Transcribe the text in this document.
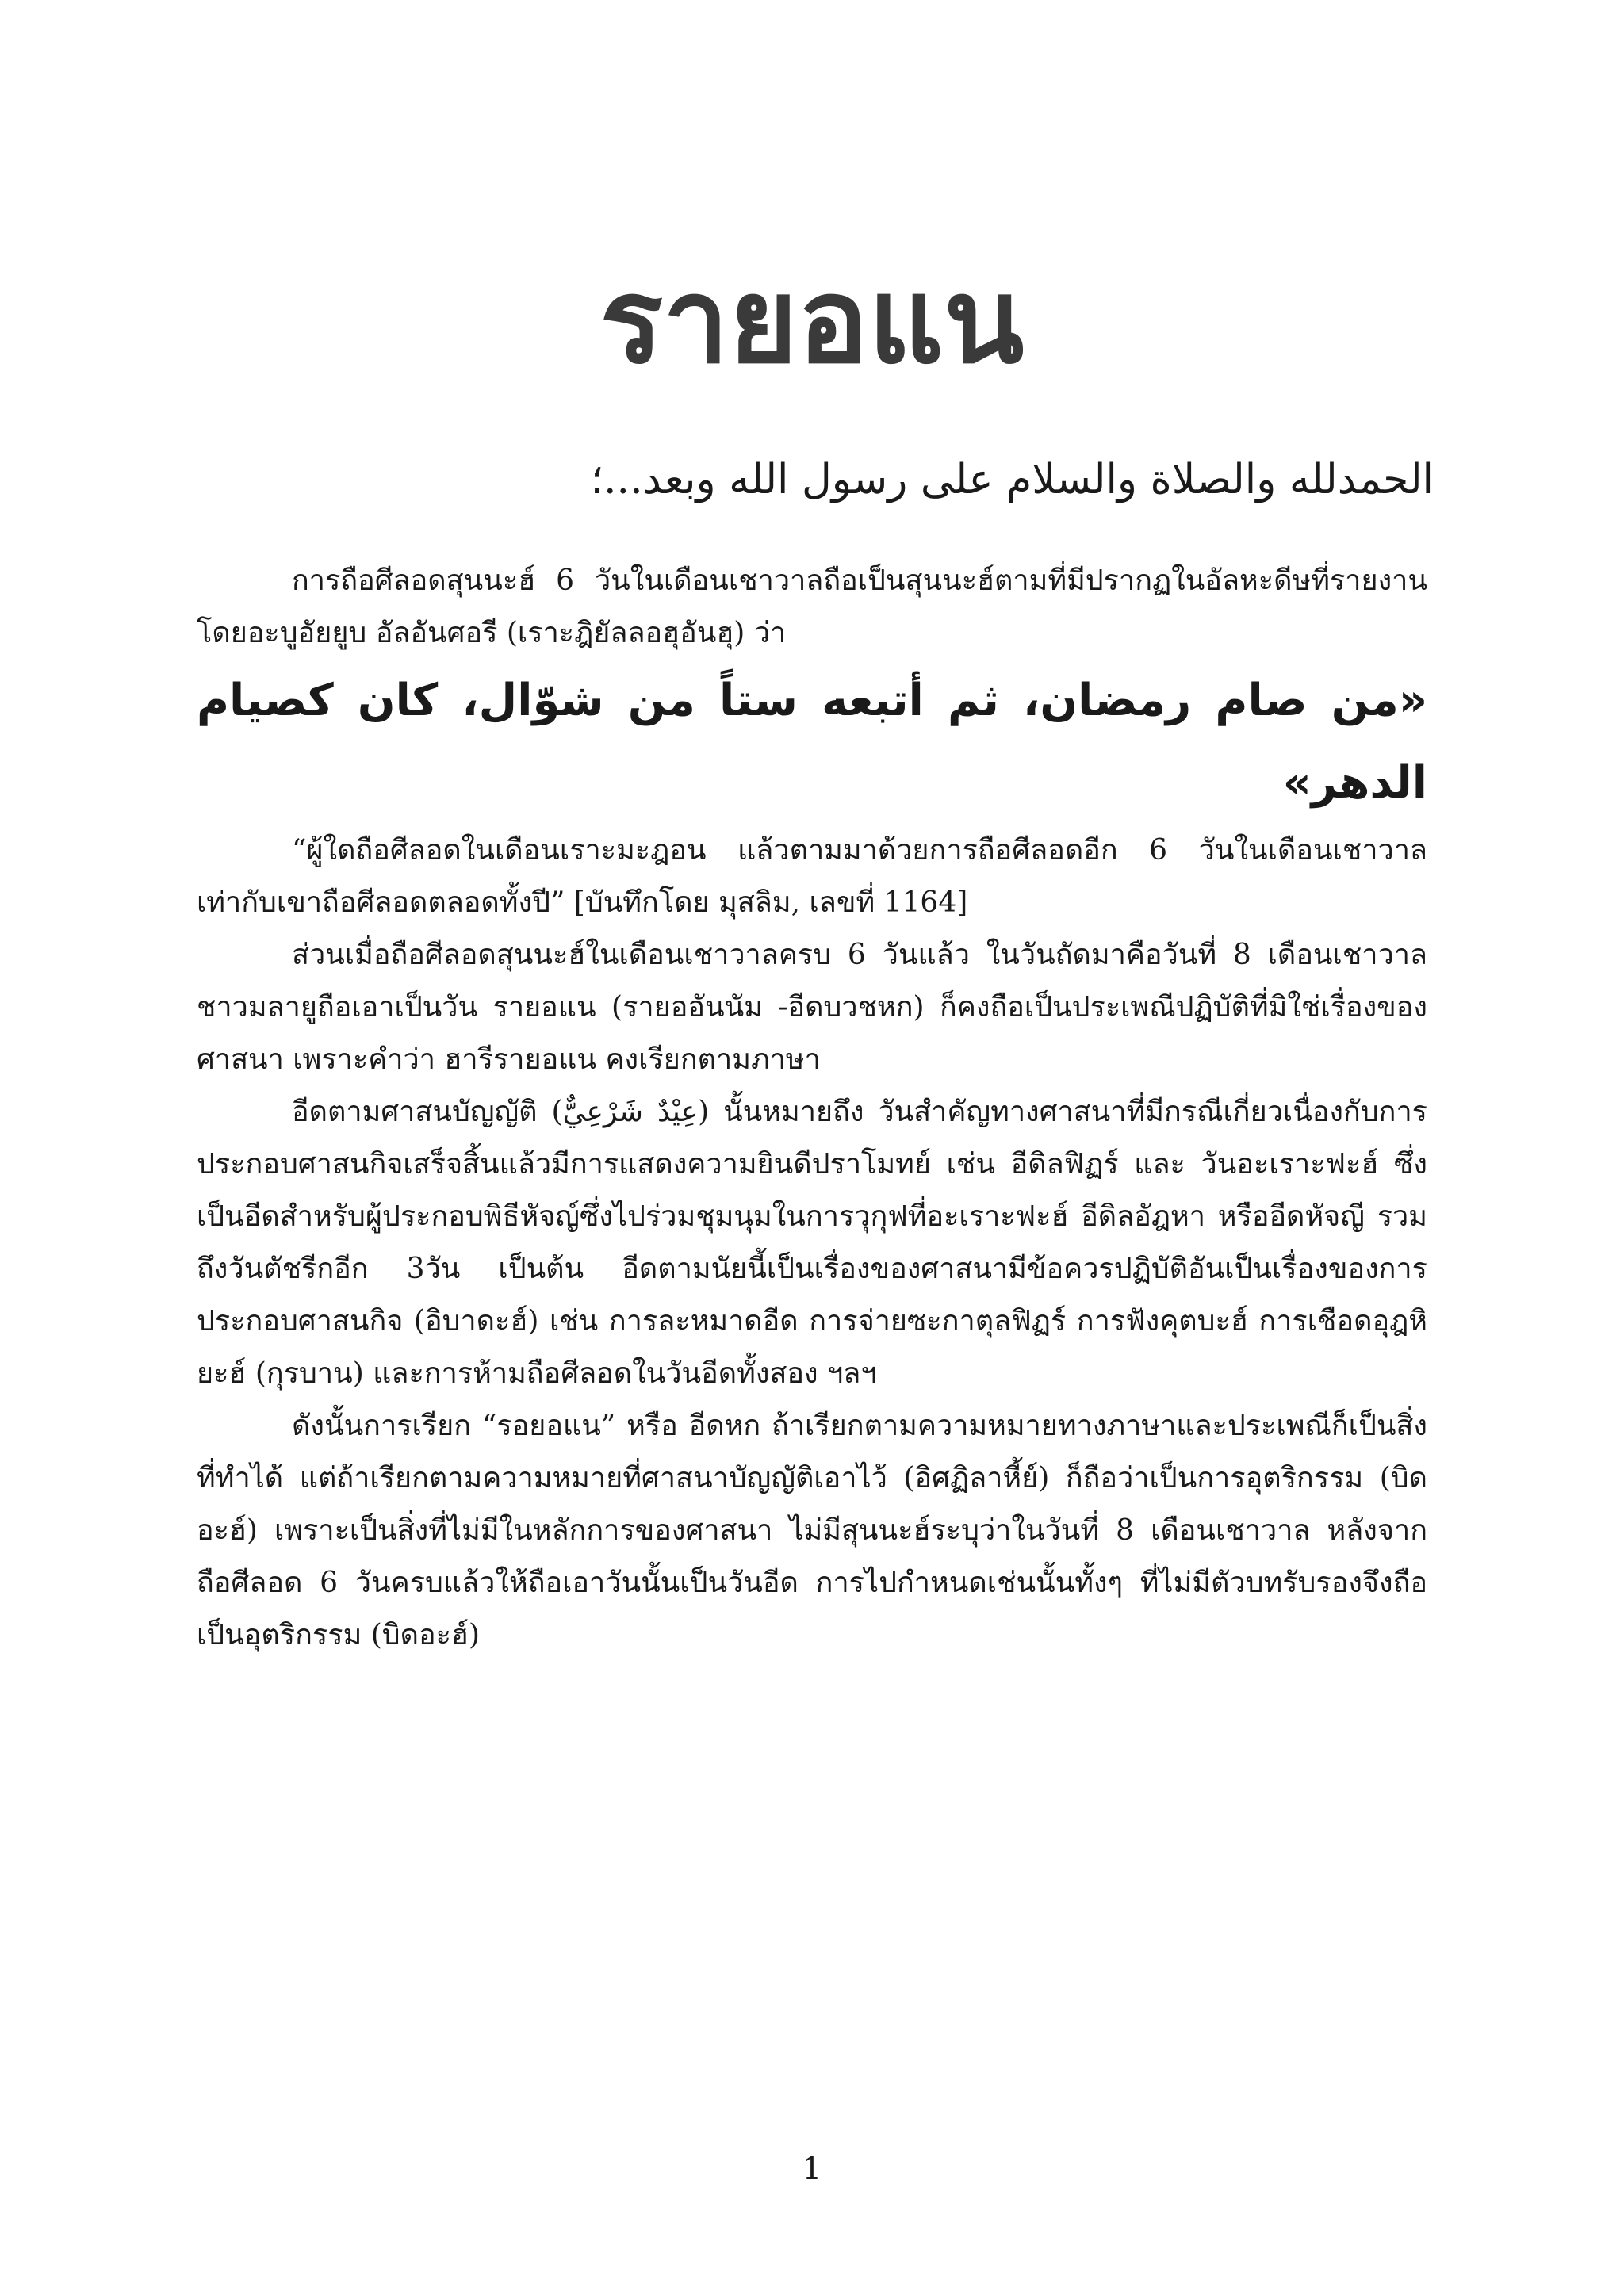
รายอแน
الحمدلله والصلاة والسلام على رسول الله وبعد...؛

การถือศีลอดสุนนะฮ์ 6 วันในเดือนเชาวาลถือเป็นสุนนะฮ์ตามที่มีปรากฏในอัลหะดีษที่รายงานโดยอะบูอัยยูบ อัลอันศอรี (เราะฎิยัลลอฮุอันฮุ) ว่า

«من صام رمضان، ثم أتبعه ستاً من شوّال، كان كصيام الدهر»

“ผู้ใดถือศีลอดในเดือนเราะมะฎอน แล้วตามมาด้วยการถือศีลอดอีก 6 วันในเดือนเชาวาล เท่ากับเขาถือศีลอดตลอดทั้งปี” [บันทึกโดย มุสลิม, เลขที่ 1164]

ส่วนเมื่อถือศีลอดสุนนะฮ์ในเดือนเชาวาลครบ 6 วันแล้ว ในวันถัดมาคือวันที่ 8 เดือนเชาวาลชาวมลายูถือเอาเป็นวัน รายอแน (รายออันนัม -อีดบวชหก) ก็คงถือเป็นประเพณีปฏิบัติที่มิใช่เรื่องของศาสนา เพราะคำว่า ฮารีรายอแน คงเรียกตามภาษา

อีดตามศาสนบัญญัติ (عِيْدٌ شَرْعِيٌّ) นั้นหมายถึง วันสำคัญทางศาสนาที่มีกรณีเกี่ยวเนื่องกับการประกอบศาสนกิจเสร็จสิ้นแล้วมีการแสดงความยินดีปราโมทย์ เช่น อีดิลฟิฏร์ และ วันอะเราะฟะฮ์ ซึ่งเป็นอีดสำหรับผู้ประกอบพิธีหัจญ์ซึ่งไปร่วมชุมนุมในการวุกุฟที่อะเราะฟะฮ์ อีดิลอัฎหา หรืออีดหัจญี รวมถึงวันตัชรีกอีก 3วัน เป็นต้น อีดตามนัยนี้เป็นเรื่องของศาสนามีข้อควรปฏิบัติอันเป็นเรื่องของการประกอบศาสนกิจ (อิบาดะฮ์) เช่น การละหมาดอีด การจ่ายซะกาตุลฟิฏร์ การฟังคุตบะฮ์ การเชือดอุฎหิยะฮ์ (กุรบาน) และการห้ามถือศีลอดในวันอีดทั้งสอง ฯลฯ

ดังนั้นการเรียก “รอยอแน” หรือ อีดหก ถ้าเรียกตามความหมายทางภาษาและประเพณีก็เป็นสิ่งที่ทำได้ แต่ถ้าเรียกตามความหมายที่ศาสนาบัญญัติเอาไว้ (อิศฏิลาหี้ย์) ก็ถือว่าเป็นการอุตริกรรม (บิดอะฮ์) เพราะเป็นสิ่งที่ไม่มีในหลักการของศาสนา ไม่มีสุนนะฮ์ระบุว่าในวันที่ 8 เดือนเชาวาล หลังจากถือศีลอด 6 วันครบแล้วให้ถือเอาวันนั้นเป็นวันอีด การไปกำหนดเช่นนั้นทั้งๆ ที่ไม่มีตัวบทรับรองจึงถือเป็นอุตริกรรม (บิดอะฮ์)

1
